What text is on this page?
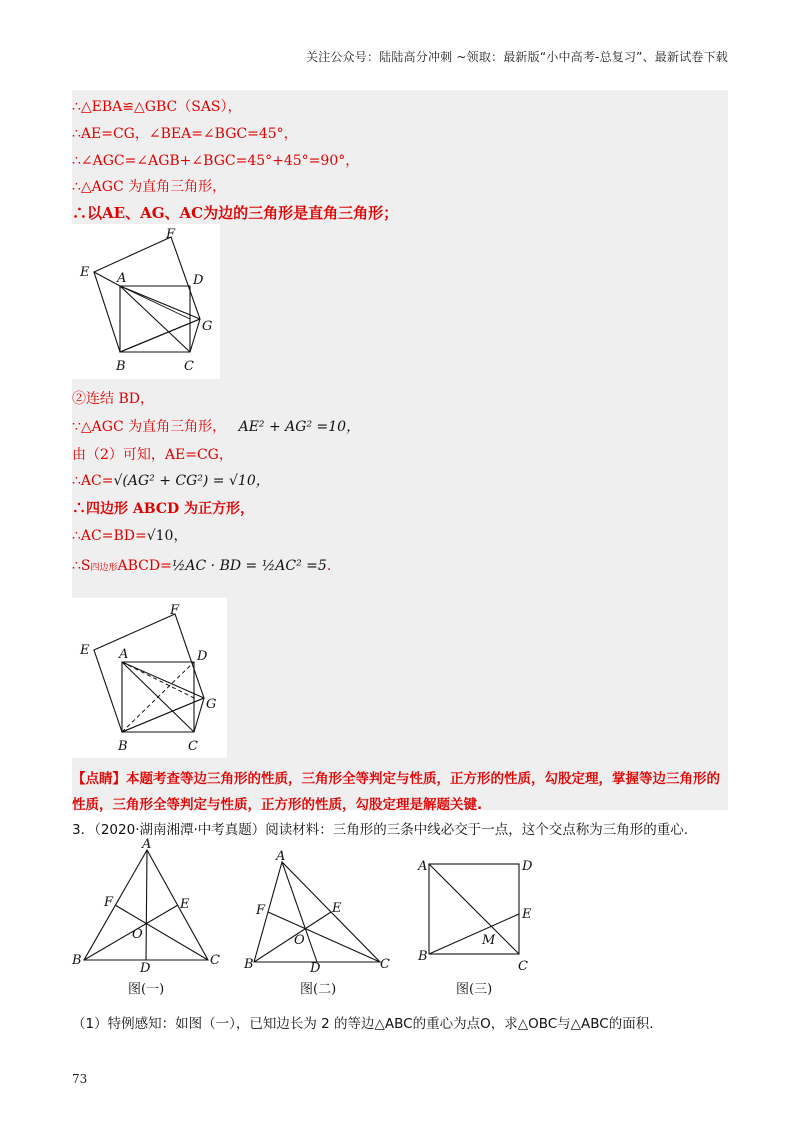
关注公众号：陆陆高分冲刺 ~领取：最新版“小中高考-总复习”、最新试卷下载
∴△EBA≌△GBC（SAS），
∴AE=CG，∠BEA=∠BGC=45°，
∴∠AGC=∠AGB+∠BGC=45°+45°=90°，
∴△AGC 为直角三角形，
∴以AE、AG、AC为边的三角形是直角三角形；
F
E A	D
G
B	C
②连结 BD，
∵△AGC 为直角三角形， AE² + AG² =10，
由（2）可知，AE=CG，
∴AC=√(AG² + CG²) = √10，
∴四边形 ABCD 为正方形，
∴AC=BD=√10，
∴S四边形ABCD=½AC · BD = ½AC² =5.
F
E A	D
G
B	C
【点睛】本题考查等边三角形的性质，三角形全等判定与性质，正方形的性质，勾股定理，掌握等边三角形的性质，三角形全等判定与性质，正方形的性质，勾股定理是解题关键.
3．（2020·湖南湘潭·中考真题）阅读材料：三角形的三条中线必交于一点，这个交点称为三角形的重心.
A
B	C
D
E
F
O
图(一)
A
B	C
D
E
F
O
图(二)
A	D
B
C
E
M
图(三)
（1）特例感知：如图（一），已知边长为 2 的等边△ABC的重心为点O，求△OBC与△ABC的面积.
73
